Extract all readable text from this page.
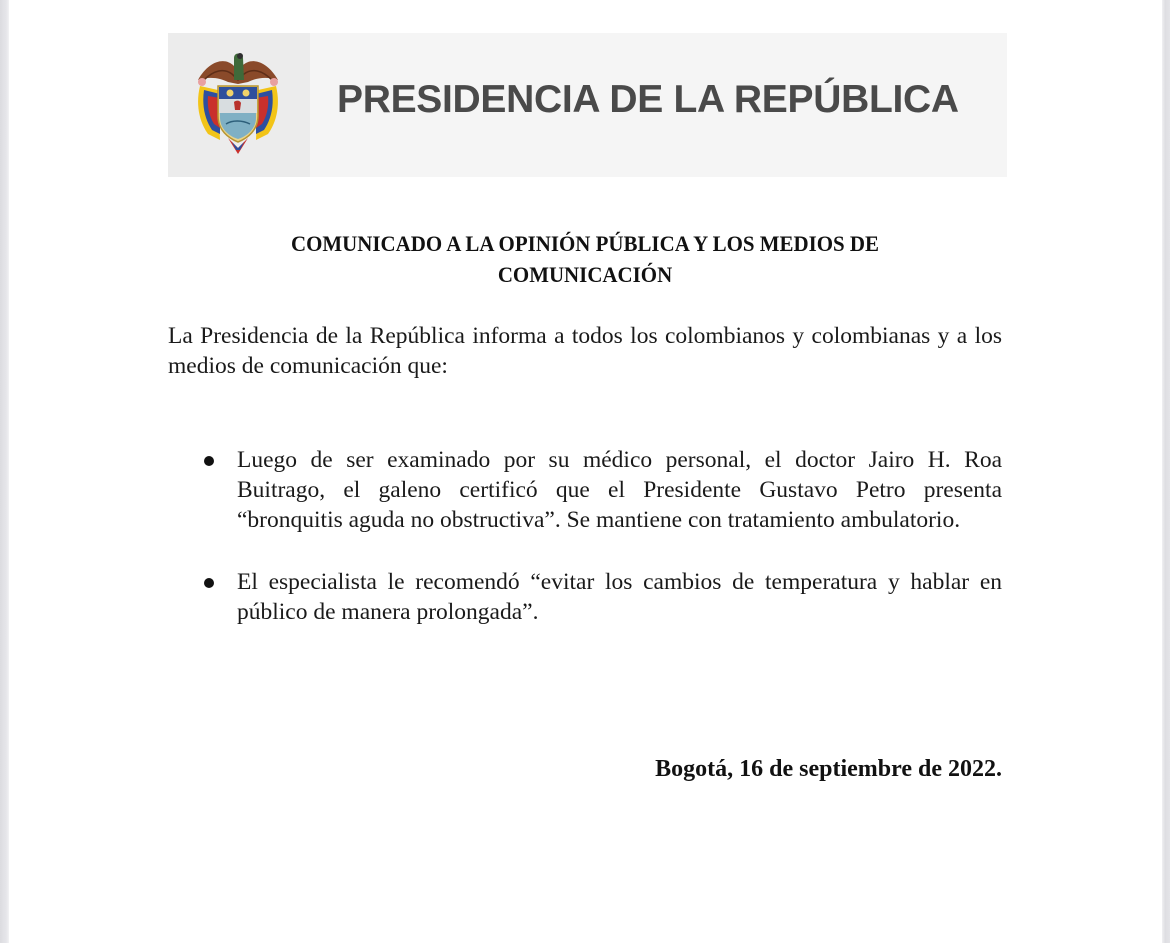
PRESIDENCIA DE LA REPÚBLICA
COMUNICADO A LA OPINIÓN PÚBLICA Y LOS MEDIOS DE
COMUNICACIÓN
La Presidencia de la República informa a todos los colombianos y colombianas y a los medios de comunicación que:
Luego de ser examinado por su médico personal, el doctor Jairo H. Roa Buitrago, el galeno certificó que el Presidente Gustavo Petro presenta “bronquitis aguda no obstructiva”. Se mantiene con tratamiento ambulatorio.
El especialista le recomendó “evitar los cambios de temperatura y hablar en público de manera prolongada”.
Bogotá, 16 de septiembre de 2022.
